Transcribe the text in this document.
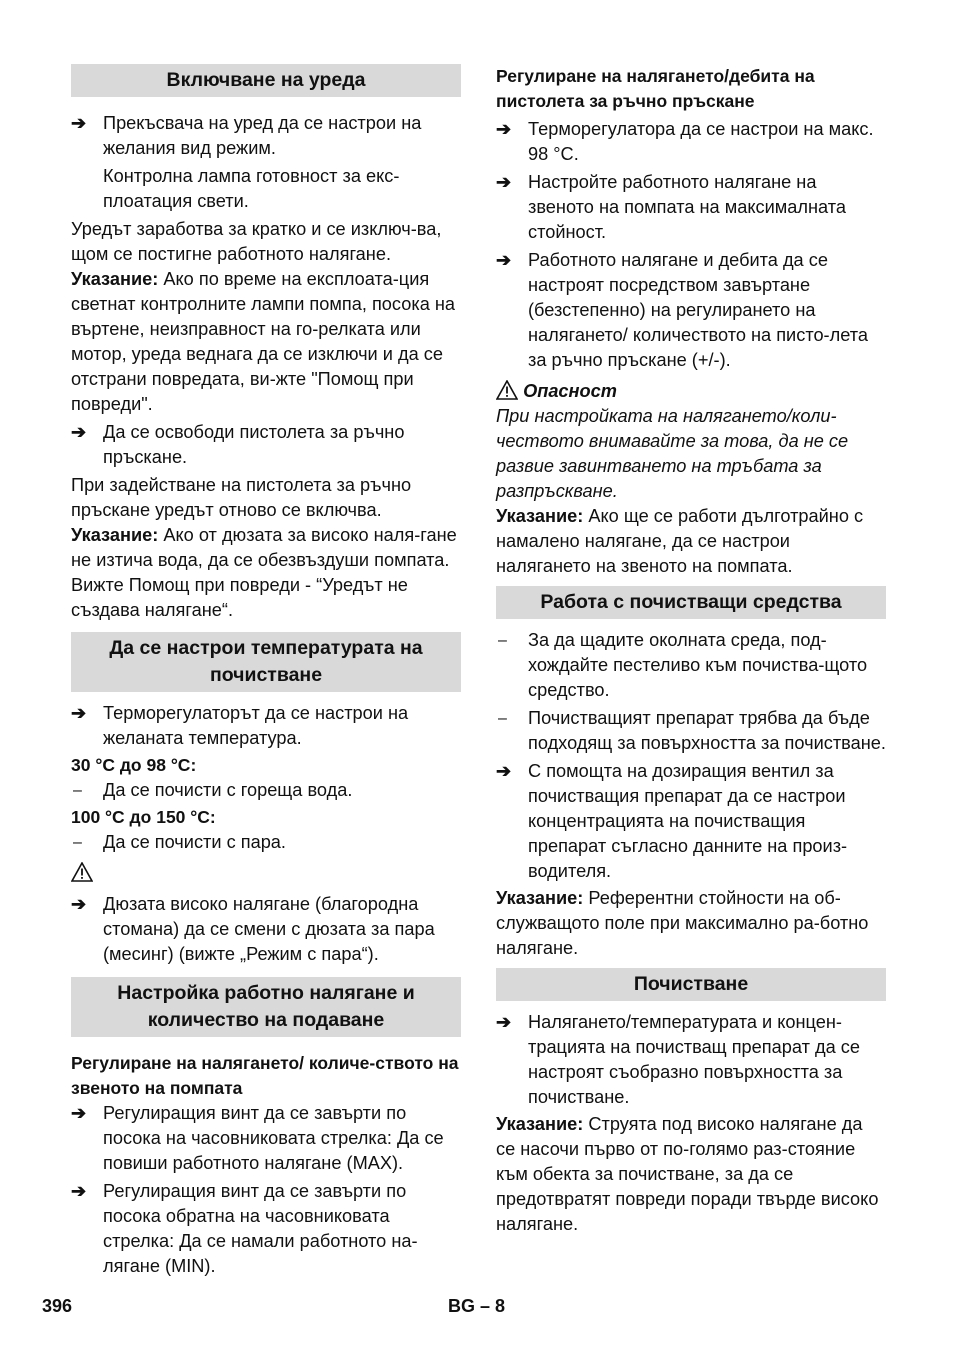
Включване на уреда
➔ Прекъсвача на уред да се настрои на желания вид режим.
Контролна лампа готовност за екс-плоатация свети.
Уредът заработва за кратко и се изключ-ва, щом се постигне работното налягане.
Указание: Ако по време на експлоата-ция светнат контролните лампи помпа, посока на въртене, неизправност на го-релката или мотор, уреда веднага да се изключи и да се отстрани повредата, ви-жте "Помощ при повреди".
➔ Да се освободи пистолета за ръчно пръскане.
При задействане на пистолета за ръчно пръскане уредът отново се включва.
Указание: Ако от дюзата за високо наля-гане не изтича вода, да се обезвъздуши помпата. Вижте Помощ при повреди - “Уредът не създава налягане“.
Да се настрои температурата на почистване
➔ Терморегулаторът да се настрои на желаната температура.
30 °C до 98 °C:
–	Да се почисти с гореща вода.
100 °C до 150 °C:
–	Да се почисти с пара.
➔ Дюзата високо налягане (благородна стомана) да се смени с дюзата за пара (месинг) (вижте „Режим с пара“).
Настройка работно налягане и количество на подаване
Регулиране на налягането/ количе-ството на звеното на помпата
➔ Регулиращия винт да се завърти по посока на часовниковата стрелка: Да се повиши работното налягане (MAX).
➔ Регулиращия винт да се завърти по посока обратна на часовниковата стрелка: Да се намали работното на-лягане (MIN).
Регулиране на налягането/дебита на пистолета за ръчно пръскане
➔ Терморегулатора да се настрои на макс. 98 °C.
➔ Настройте работното налягане на звеното на помпата на максималната стойност.
➔ Работното налягане и дебита да се настроят посредством завъртане (безстепенно) на регулирането на налягането/ количеството на писто-лета за ръчно пръскане (+/-).
Опасност
При настройката на налягането/коли-чеството внимавайте за това, да не се развие завинтването на тръбата за разпръскване.
Указание: Ако ще се работи дълготрайно с намалено налягане, да се настрои налягането на звеното на помпата.
Работа с почистващи средства
–	За да щадите околната среда, под-хождайте пестеливо към почиства-щото средство.
–	Почистващият препарат трябва да бъде подходящ за повърхността за почистване.
➔ С помощта на дозиращия вентил за почистващия препарат да се настрои концентрацията на почистващия препарат съгласно данните на произ-водителя.
Указание: Референтни стойности на об-служващото поле при максимално ра-ботно налягане.
Почистване
➔ Налягането/температурата и концен-трацията на почистващ препарат да се настроят съобразно повърхността за почистване.
Указание: Струята под високо налягане да се насочи първо от по-голямо раз-стояние към обекта за почистване, за да се предотвратят повреди поради твърде високо налягане.
396	BG – 8
